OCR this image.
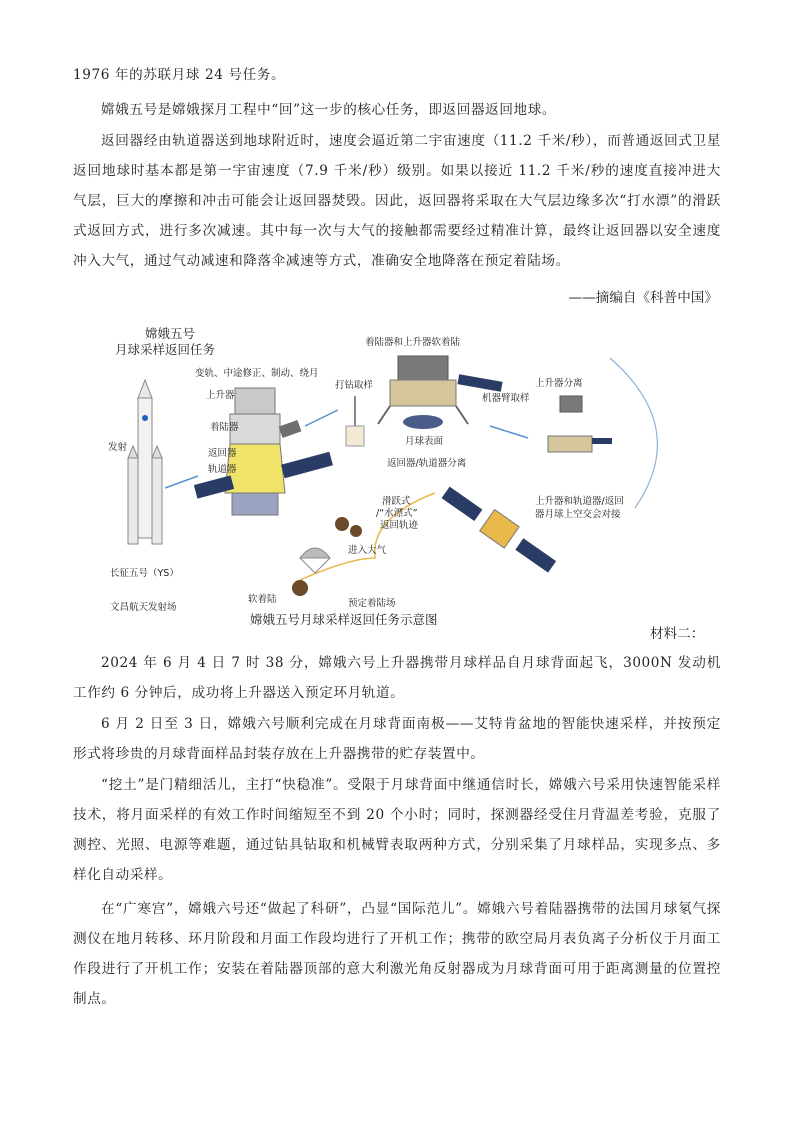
1976 年的苏联月球 24 号任务。

嫦娥五号是嫦娥探月工程中“回”这一步的核心任务，即返回器返回地球。

返回器经由轨道器送到地球附近时，速度会逼近第二宇宙速度（11.2 千米/秒），而普通返回式卫星返回地球时基本都是第一宇宙速度（7.9 千米/秒）级别。如果以接近 11.2 千米/秒的速度直接冲进大气层，巨大的摩擦和冲击可能会让返回器焚毁。因此，返回器将采取在大气层边缘多次“打水漂”的滑跃式返回方式，进行多次减速。其中每一次与大气的接触都需要经过精准计算，最终让返回器以安全速度冲入大气，通过气动减速和降落伞减速等方式，准确安全地降落在预定着陆场。

——摘编自《科普中国》
嫦娥五号
月球采样返回任务
发射
长征五号（YS）
文昌航天发射场
变轨、中途修正、制动、绕月
上升器
着陆器
返回器
轨道器
打钻取样
着陆器和上升器软着陆
月球表面
机器臂取样
上升器分离
上升器和轨道器/返回
器月球上空交会对接
返回器/轨道器分离
滑跃式
/“水漂式”
返回轨迹
进入大气
软着陆	预定着陆场
嫦娥五号月球采样返回任务示意图
材料二：

2024 年 6 月 4 日 7 时 38 分，嫦娥六号上升器携带月球样品自月球背面起飞，3000N 发动机工作约 6 分钟后，成功将上升器送入预定环月轨道。

6 月 2 日至 3 日，嫦娥六号顺利完成在月球背面南极——艾特肯盆地的智能快速采样，并按预定形式将珍贵的月球背面样品封装存放在上升器携带的贮存装置中。

“挖土”是门精细活儿，主打“快稳准”。受限于月球背面中继通信时长，嫦娥六号采用快速智能采样技术，将月面采样的有效工作时间缩短至不到 20 个小时；同时，探测器经受住月背温差考验，克服了测控、光照、电源等难题，通过钻具钻取和机械臂表取两种方式，分别采集了月球样品，实现多点、多样化自动采样。

在“广寒宫”，嫦娥六号还“做起了科研”，凸显“国际范儿”。嫦娥六号着陆器携带的法国月球氡气探测仪在地月转移、环月阶段和月面工作段均进行了开机工作；携带的欧空局月表负离子分析仪于月面工作段进行了开机工作；安装在着陆器顶部的意大利激光角反射器成为月球背面可用于距离测量的位置控制点。
